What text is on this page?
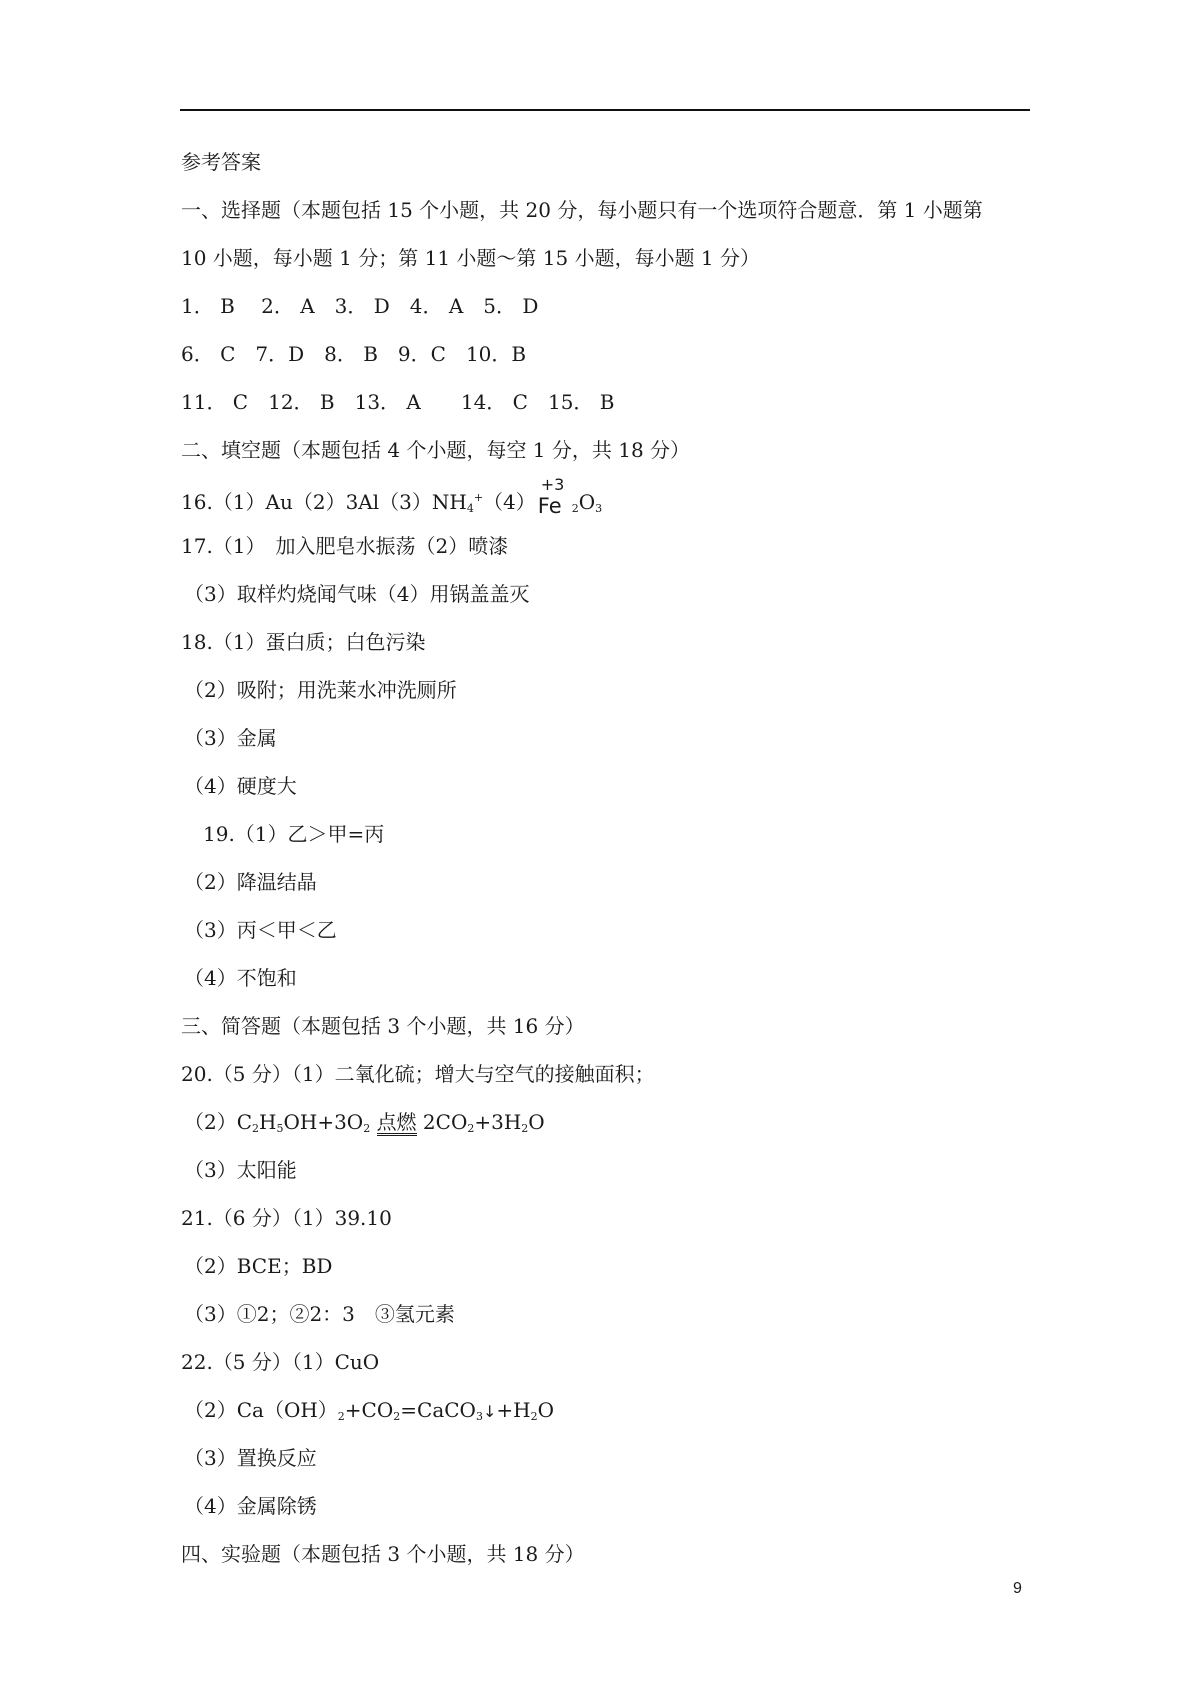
参考答案
一、选择题（本题包括 15 个小题，共 20 分，每小题只有一个选项符合题意．第 1 小题第
10 小题，每小题 1 分；第 11 小题～第 15 小题，每小题 1 分）
1． B　 2． A　3． D　4． A　5． D
6． C　7．D　8． B　9．C　10．B
11． C　12． B　13． A　　14． C　15． B
二、填空题（本题包括 4 个小题，每空 1 分，共 18 分）
$16.(1)Au(2)3Al(3)NH_4^+(4)$
+3
Fe $_2O_3$
17.（1）　加入肥皂水振荡（2）喷漆
（3）取样灼烧闻气味（4）用锅盖盖灭
18.（1）蛋白质；白色污染
（2）吸附；用洗莱水冲洗厕所
（3）金属
（4）硬度大
19.（1）乙＞甲=丙
（2）降温结晶
（3）丙＜甲＜乙
（4）不饱和
三、简答题（本题包括 3 个小题，共 16 分）
20.（5 分）（1）二氧化硫；增大与空气的接触面积；
$(2)C_2H_5OH+3O_2$ 点燃 $2CO_2+3H_2O$
（3）太阳能
21.（6 分）（1）39.10
（2）BCE；BD
（3）①2；②2：3　③氢元素
22.（5 分）（1）CuO
$(2)Ca(OH)_2+CO_2=CaCO_3↓+H_2O$
（3）置换反应
（4）金属除锈
四、实验题（本题包括 3 个小题，共 18 分）
9
